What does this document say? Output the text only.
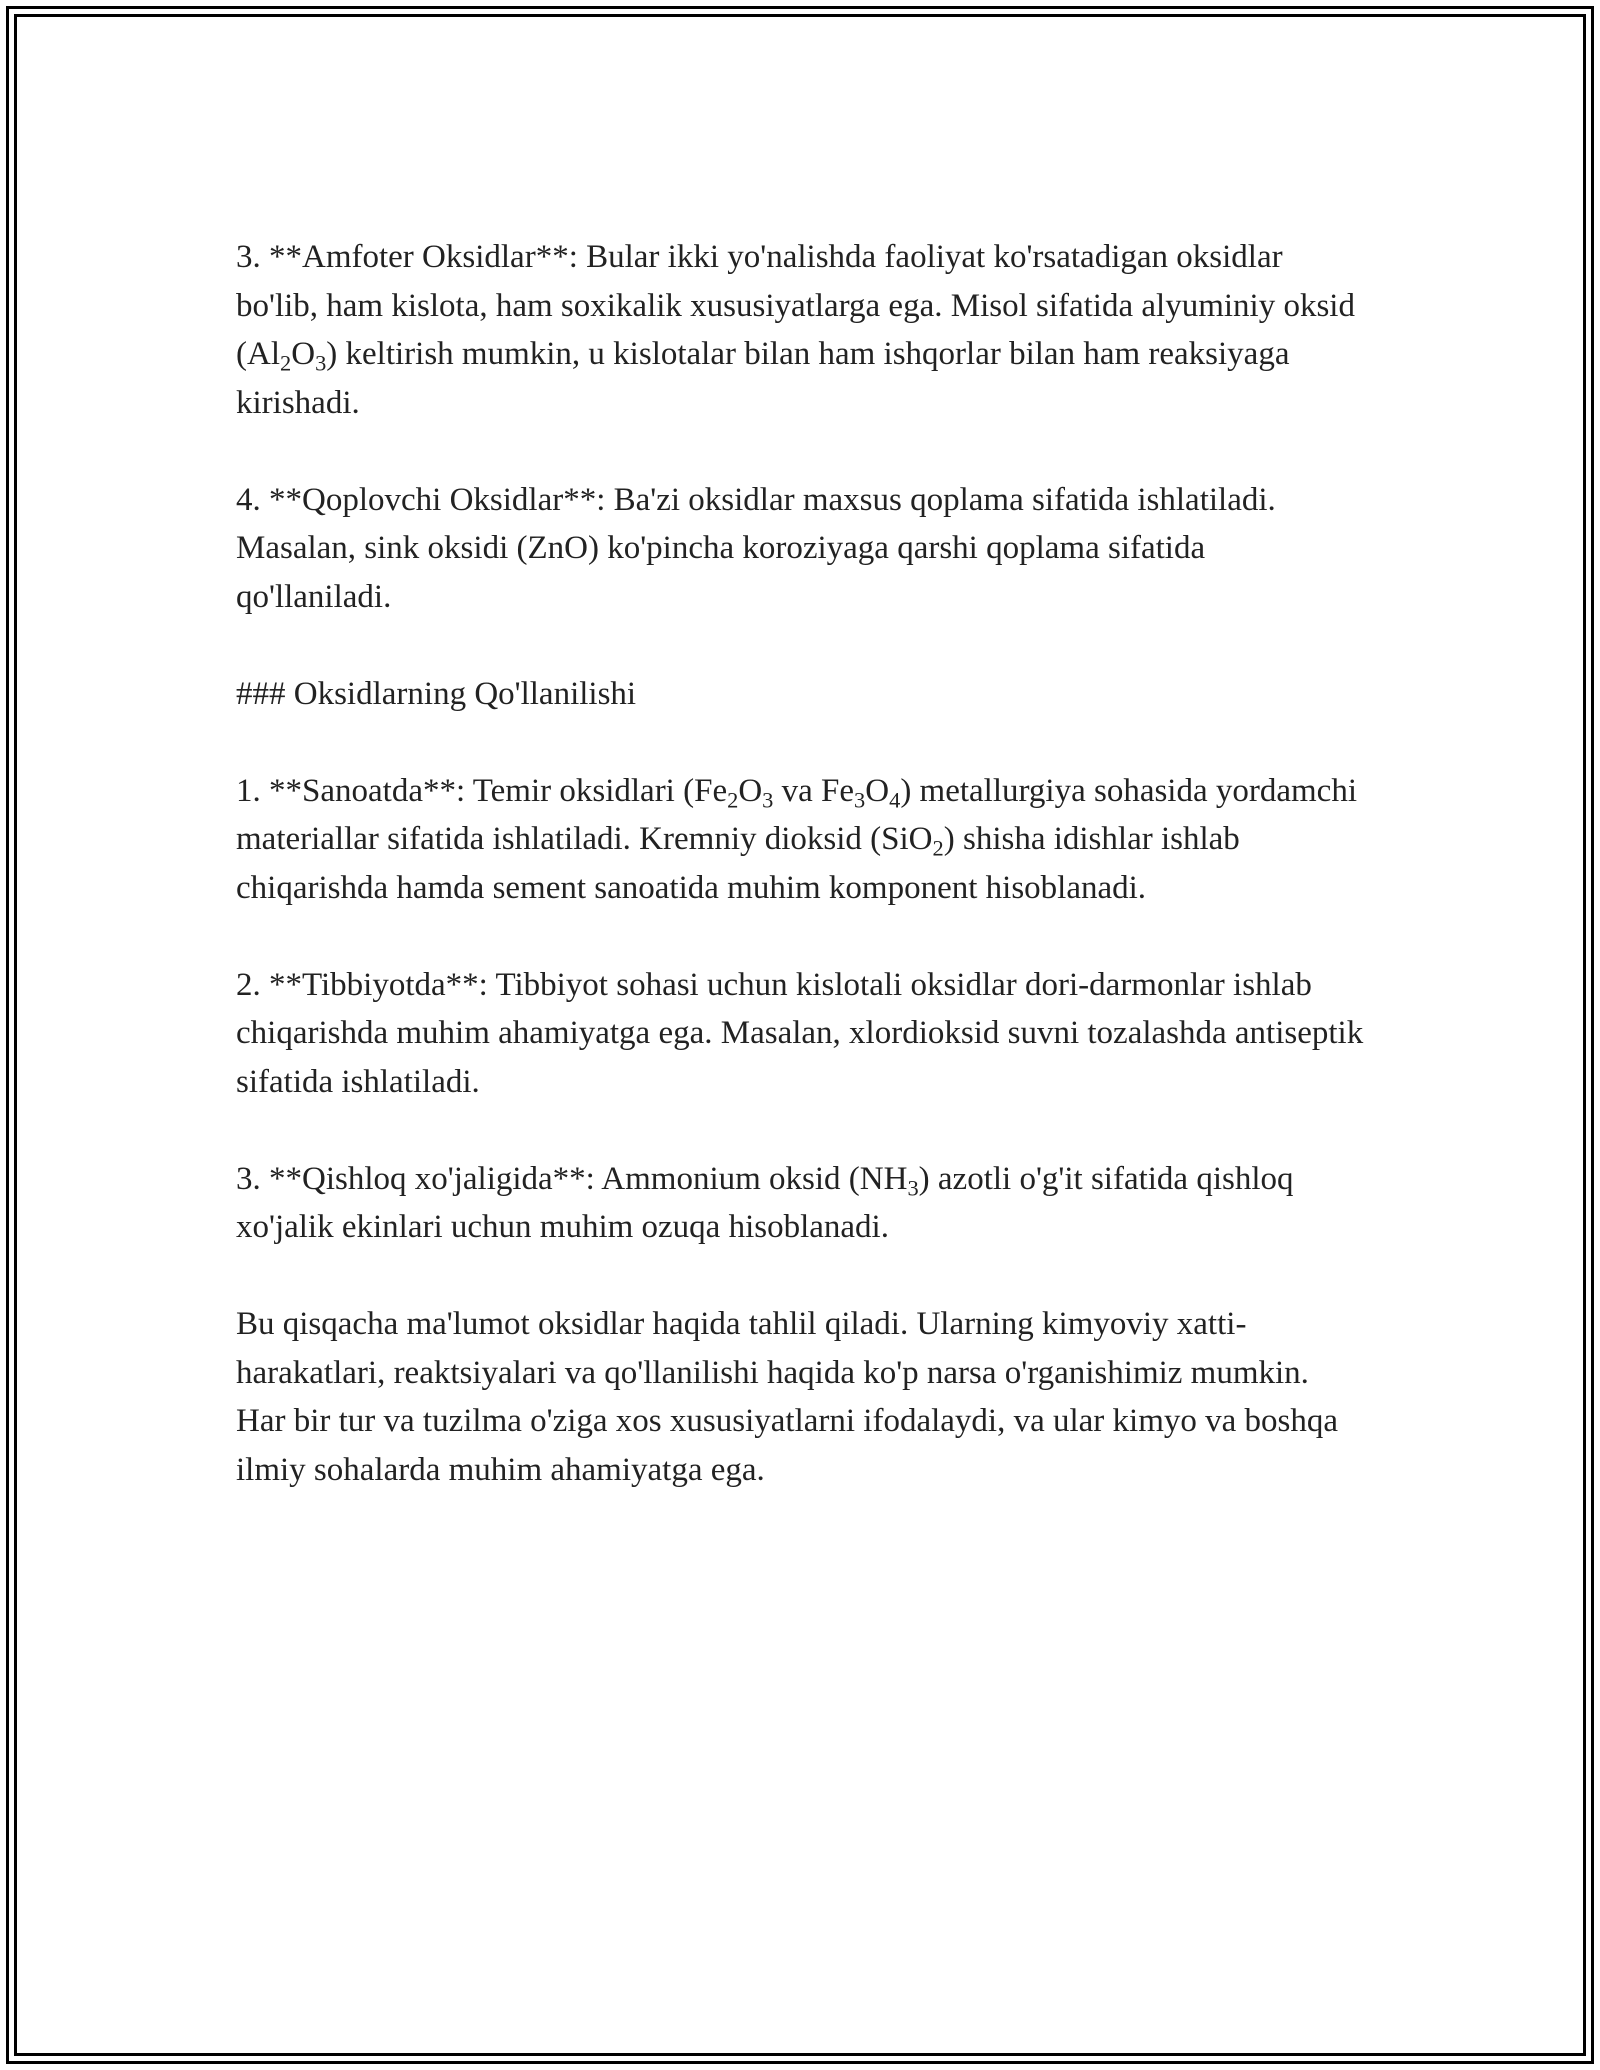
3. **Amfoter Oksidlar**: Bular ikki yo'nalishda faoliyat ko'rsatadigan oksidlar bo'lib, ham kislota, ham soxikalik xususiyatlarga ega. Misol sifatida alyuminiy oksid $(Al_2O_3)$ keltirish mumkin, u kislotalar bilan ham ishqorlar bilan ham reaksiyaga kirishadi.

4. **Qoplovchi Oksidlar**: Ba'zi oksidlar maxsus qoplama sifatida ishlatiladi. Masalan, sink oksidi (ZnO) ko'pincha koroziyaga qarshi qoplama sifatida qo'llaniladi.

### Oksidlarning Qo'llanilishi

1. **Sanoatda**: Temir oksidlari ($Fe_2O_3$ va $Fe_3O_4$) metallurgiya sohasida yordamchi materiallar sifatida ishlatiladi. Kremniy dioksid (SiO$_2$) shisha idishlar ishlab chiqarishda hamda sement sanoatida muhim komponent hisoblanadi.

2. **Tibbiyotda**: Tibbiyot sohasi uchun kislotali oksidlar dori-darmonlar ishlab chiqarishda muhim ahamiyatga ega. Masalan, xlordioksid suvni tozalashda antiseptik sifatida ishlatiladi.

3. **Qishloq xo'jaligida**: Ammonium oksid $(NH_3)$ azotli o'g'it sifatida qishloq xo'jalik ekinlari uchun muhim ozuqa hisoblanadi.

Bu qisqacha ma'lumot oksidlar haqida tahlil qiladi. Ularning kimyoviy xatti-harakatlari, reaktsiyalari va qo'llanilishi haqida ko'p narsa o'rganishimiz mumkin. Har bir tur va tuzilma o'ziga xos xususiyatlarni ifodalaydi, va ular kimyo va boshqa ilmiy sohalarda muhim ahamiyatga ega.
